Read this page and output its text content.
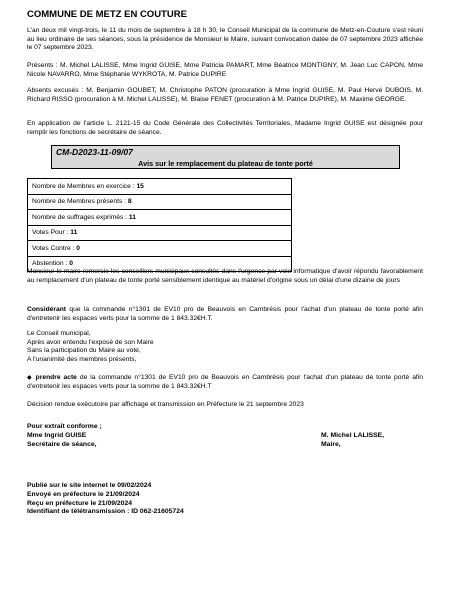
COMMUNE DE METZ EN COUTURE
L'an deux mil vingt-trois, le 11 du mois de septembre à 18 h 30, le Conseil Municipal de la commune de Metz-en-Couture s'est réuni au lieu ordinaire de ses séances, sous la présidence de Monsieur le Maire, suivant convocation datée de 07 septembre 2023 affichée le 07 septembre 2023.
Présents : M. Michel LALISSE, Mme Ingrid GUISE, Mme Patricia PAMART, Mme Béatrice MONTIGNY, M. Jean Luc CAPON, Mme Nicole NAVARRO, Mme Stéphanie WYKROTA, M. Patrice DUPIRE
Absents excusés : M. Benjamin GOUBET, M. Christophe PATON (procuration à Mme Ingrid GUISE, M. Paul Hervé DUBOIS, M. Richard RISSO (procuration à M. Michel LALISSE), M. Blaise FENET (procuration à M. Patrice DUPIRE), M. Maxime GEORGE.
En application de l'article L. 2121-15 du Code Générale des Collectivités Territoriales, Madame Ingrid GUISE est désignée pour remplir les fonctions de secrétaire de séance.
CM-D2023-11-09/07
Avis sur le remplacement du plateau de tonte porté
Nombre de Membres en exercice : 15
Nombre de Membres présents : 8
Nombre de suffrages exprimés : 11
Votes Pour : 11
Votes Contre : 0
Abstention : 0
Monsieur le maire remercie les conseillers municipaux consultés dans l'urgence par voie informatique d'avoir répondu favorablement au remplacement d'un plateau de tonte porté sensiblement identique au matériel d'origine sous un délai d'une dizaine de jours
Considérant que la commande n°1301 de EV10 pro de Beauvois en Cambrésis pour l'achat d'un plateau de tonte porté afin d'entretenir les espaces verts pour la somme de 1 843.32€H.T.
Le Conseil municipal,
Après avoir entendu l'exposé de son Maire
Sans la participation du Maire au vote,
A l'unanimité des membres présents,
◆ prendre acte de la commande n°1301 de EV10 pro de Beauvois en Cambrésis pour l'achat d'un plateau de tonte porté afin d'entretenir les espaces verts pour la somme de 1 843.32€H.T
Décision rendue exécutoire par affichage et transmission en Préfecture le 21 septembre 2023
Pour extrait conforme ;
Mme Ingrid GUISE
Secrétaire de séance,
M. Michel LALISSE,
Maire,
Publié sur le site internet le 09/02/2024
Envoyé en préfecture le 21/09/2024
Reçu en préfecture le 21/09/2024
Identifiant de télétransmission : ID 062-21605724
